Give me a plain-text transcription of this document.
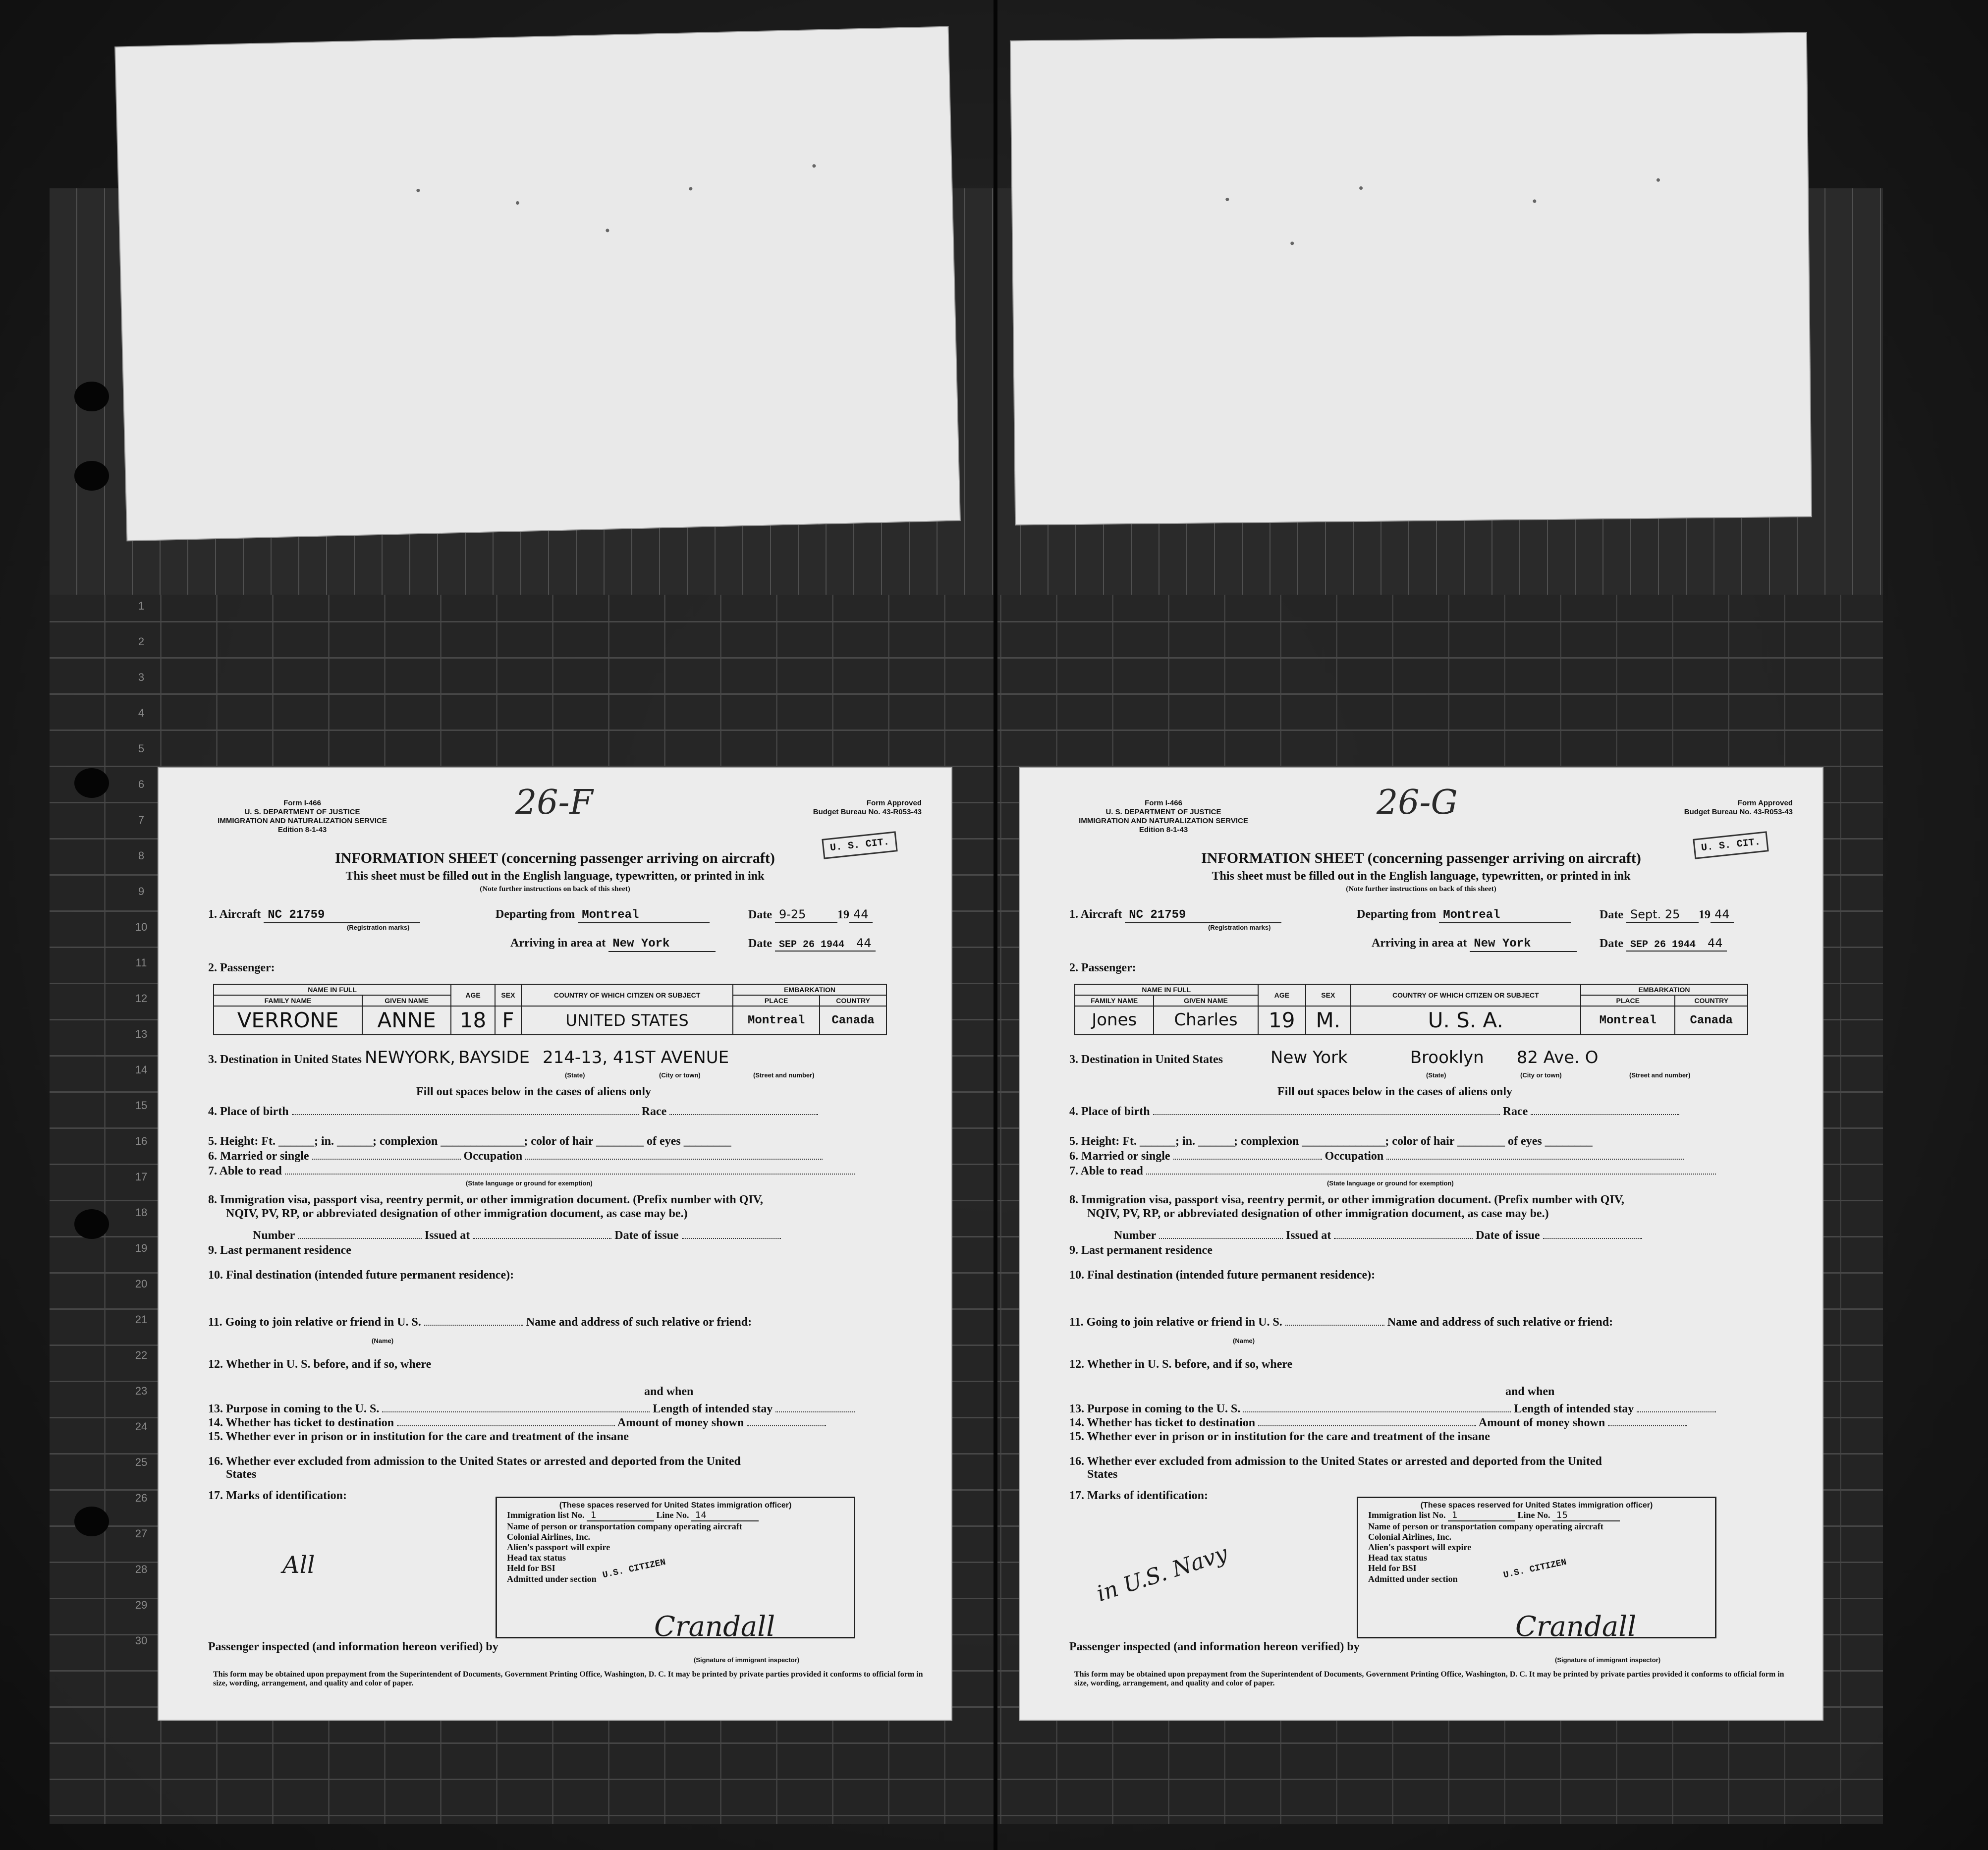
1
2
3
4
5
6
7
8
9
10
11
12
13
14
15
16
17
18
19
20
21
22
23
24
25
26
27
28
29
30
Form I-466
U. S. DEPARTMENT OF JUSTICE
IMMIGRATION AND NATURALIZATION SERVICE
Edition 8-1-43
26-F	Form Approved
Budget Bureau No. 43-R053-43
U. S. CIT.
INFORMATION SHEET (concerning passenger arriving on aircraft)
This sheet must be filled out in the English language, typewritten, or printed in ink
(Note further instructions on back of this sheet)
1. Aircraft NC 21759
(Registration marks)
Departing from Montreal	Date 9-25	19 44
Arriving in area at New York	Date SEP 26 1944 44
2. Passenger:
NAME IN FULL		AGE	SEX	COUNTRY OF WHICH CITIZEN OR SUBJECT	EMBARKATION	
FAMILY NAME	GIVEN NAME				PLACE	COUNTRY
VERRONE	ANNE	18	F	UNITED STATES	Montreal	Canada
3. Destination in United States NEWYORK, BAYSIDE 214-13, 41ST AVENUE
(State)	(City or town)	(Street and number)
Fill out spaces below in the cases of aliens only
4. Place of birth	Race
5. Height: Ft. ______; in. ______; complexion ______________; color of hair ________ of eyes ________
6. Married or single	Occupation
7. Able to read
(State language or ground for exemption)
8. Immigration visa, passport visa, reentry permit, or other immigration document. (Prefix number with QIV,
NQIV, PV, RP, or abbreviated designation of other immigration document, as case may be.)
Number	Issued at	Date of issue
9. Last permanent residence
10. Final destination (intended future permanent residence):
11. Going to join relative or friend in U. S.	Name and address of such relative or friend:
(Name)
12. Whether in U. S. before, and if so, where
and when
13. Purpose in coming to the U. S.	Length of intended stay
14. Whether has ticket to destination	Amount of money shown
15. Whether ever in prison or in institution for the care and treatment of the insane
16. Whether ever excluded from admission to the United States or arrested and deported from the United
States
17. Marks of identification:
All
(These spaces reserved for United States immigration officer)
Immigration list No. 1	Line No. 14
Name of person or transportation company operating aircraft
Colonial Airlines, Inc.
Alien's passport will expire
Head tax status
Held for BSI	U.S. CITIZEN
Admitted under section
Passenger inspected (and information hereon verified) by
Crandall
(Signature of immigrant inspector)
This form may be obtained upon prepayment from the Superintendent of Documents, Government Printing Office, Washington, D. C. It may be printed by private parties provided it conforms to official form in size, wording, arrangement, and quality and color of paper.
Form I-466
U. S. DEPARTMENT OF JUSTICE
IMMIGRATION AND NATURALIZATION SERVICE
Edition 8-1-43
26-G	Form Approved
Budget Bureau No. 43-R053-43
U. S. CIT.
INFORMATION SHEET (concerning passenger arriving on aircraft)
This sheet must be filled out in the English language, typewritten, or printed in ink
(Note further instructions on back of this sheet)
1. Aircraft NC 21759
(Registration marks)
Departing from Montreal	Date Sept. 25 19 44
Arriving in area at New York	Date SEP 26 1944 44
2. Passenger:
NAME IN FULL		AGE	SEX	COUNTRY OF WHICH CITIZEN OR SUBJECT	EMBARKATION	
FAMILY NAME	GIVEN NAME				PLACE	COUNTRY
Jones	Charles	19	M.	U. S. A.	Montreal	Canada
3. Destination in United States	New York	Brooklyn 82 Ave. O
(State)	(City or town)	(Street and number)
Fill out spaces below in the cases of aliens only
4. Place of birth	Race
5. Height: Ft. ______; in. ______; complexion ______________; color of hair ________ of eyes ________
6. Married or single	Occupation
7. Able to read
(State language or ground for exemption)
8. Immigration visa, passport visa, reentry permit, or other immigration document. (Prefix number with QIV,
NQIV, PV, RP, or abbreviated designation of other immigration document, as case may be.)
Number	Issued at	Date of issue
9. Last permanent residence
10. Final destination (intended future permanent residence):
11. Going to join relative or friend in U. S.	Name and address of such relative or friend:
(Name)
12. Whether in U. S. before, and if so, where
and when
13. Purpose in coming to the U. S.	Length of intended stay
14. Whether has ticket to destination	Amount of money shown
15. Whether ever in prison or in institution for the care and treatment of the insane
16. Whether ever excluded from admission to the United States or arrested and deported from the United
States
17. Marks of identification:
in U.S. Navy
(These spaces reserved for United States immigration officer)
Immigration list No. 1	Line No. 15
Name of person or transportation company operating aircraft
Colonial Airlines, Inc.
Alien's passport will expire
Head tax status
Held for BSI	U.S. CITIZEN
Admitted under section
Passenger inspected (and information hereon verified) by
Crandall
(Signature of immigrant inspector)
This form may be obtained upon prepayment from the Superintendent of Documents, Government Printing Office, Washington, D. C. It may be printed by private parties provided it conforms to official form in size, wording, arrangement, and quality and color of paper.
